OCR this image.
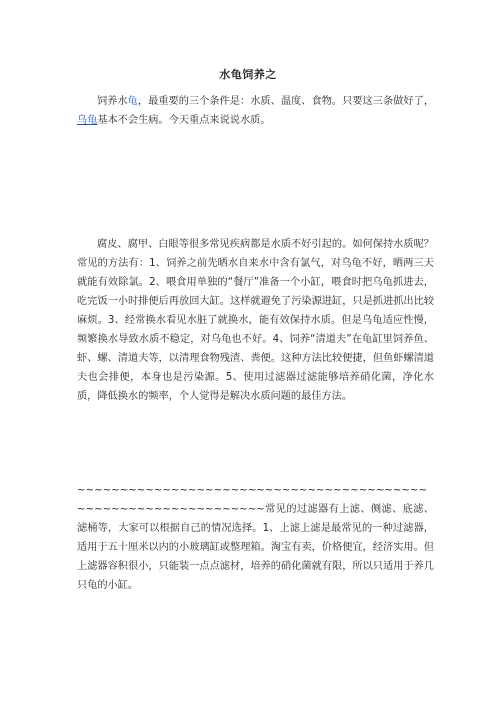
水龟饲养之
饲养水龟，最重要的三个条件是：水质、温度、食物。只要这三条做好了，乌龟基本不会生病。今天重点来说说水质。
腐皮、腐甲、白眼等很多常见疾病都是水质不好引起的。如何保持水质呢？常见的方法有：1、饲养之前先晒水自来水中含有氯气，对乌龟不好，晒两三天就能有效除氯。2、喂食用单独的“餐厅”准备一个小缸，喂食时把乌龟抓进去，吃完饭一小时排便后再放回大缸。这样就避免了污染源进缸，只是抓进抓出比较麻烦。3、经常换水看见水脏了就换水，能有效保持水质。但是乌龟适应性慢，频繁换水导致水质不稳定，对乌龟也不好。4、饲养“清道夫”在龟缸里饲养鱼、虾、螺、清道夫等，以清理食物残渣、粪便。这种方法比较便捷，但鱼虾螺清道夫也会排便，本身也是污染源。5、使用过滤器过滤能够培养硝化菌，净化水质，降低换水的频率，个人觉得是解决水质问题的最佳方法。
~~~~~~~~~~~~~~~~~~~~~~~~~~~~~~~~~~~~~~~~~~~~~~~~~~~~~~~~~~~~~~~常见的过滤器有上滤、侧滤、底滤、滤桶等，大家可以根据自己的情况选择。1、上滤上滤是最常见的一种过滤器，适用于五十厘米以内的小玻璃缸或整理箱。淘宝有卖，价格便宜，经济实用。但上滤器容积很小，只能装一点点滤材，培养的硝化菌就有限，所以只适用于养几只龟的小缸。
